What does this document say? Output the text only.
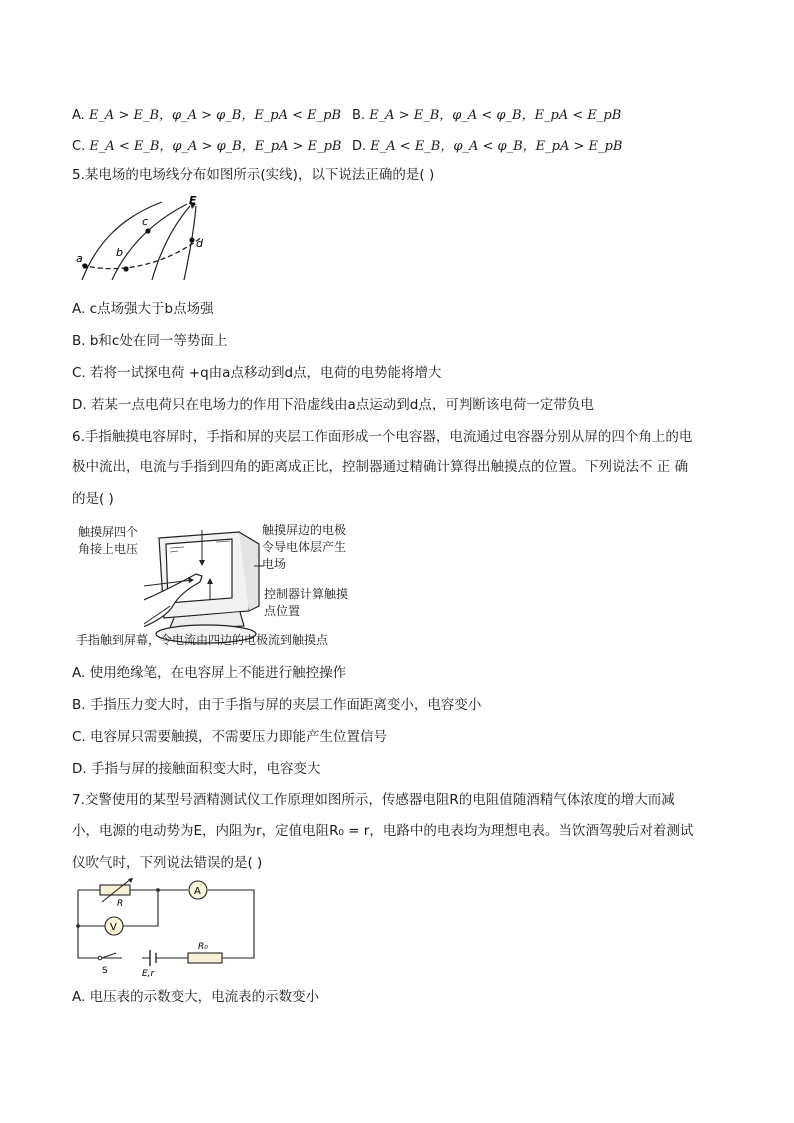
A. E_A > E_B，φ_A > φ_B，E_pA < E_pB B. E_A > E_B，φ_A < φ_B，E_pA < E_pB
C. E_A < E_B，φ_A > φ_B，E_pA > E_pB D. E_A < E_B，φ_A < φ_B，E_pA > E_pB
5.某电场的电场线分布如图所示(实线)，以下说法正确的是( )
E
c
d
b
a
A. c点场强大于b点场强
B. b和c处在同一等势面上
C. 若将一试探电荷 +q由a点移动到d点，电荷的电势能将增大
D. 若某一点电荷只在电场力的作用下沿虚线由a点运动到d点，可判断该电荷一定带负电
6.手指触摸电容屏时，手指和屏的夹层工作面形成一个电容器，电流通过电容器分别从屏的四个角上的电
极中流出，电流与手指到四角的距离成正比，控制器通过精确计算得出触摸点的位置。下列说法不 正 确
的是( )
触摸屏四个
角接上电压
触摸屏边的电极
令导电体层产生
电场
控制器计算触摸
点位置
手指触到屏幕，令电流由四边的电极流到触摸点
A. 使用绝缘笔，在电容屏上不能进行触控操作
B. 手指压力变大时，由于手指与屏的夹层工作面距离变小，电容变小
C. 电容屏只需要触摸，不需要压力即能产生位置信号
D. 手指与屏的接触面积变大时，电容变大
7.交警使用的某型号酒精测试仪工作原理如图所示，传感器电阻R的电阻值随酒精气体浓度的增大而减
小，电源的电动势为E，内阻为r，定值电阻R₀ = r，电路中的电表均为理想电表。当饮酒驾驶后对着测试
仪吹气时，下列说法错误的是( )
R
A
V
R₀
E,r
S
A. 电压表的示数变大，电流表的示数变小
